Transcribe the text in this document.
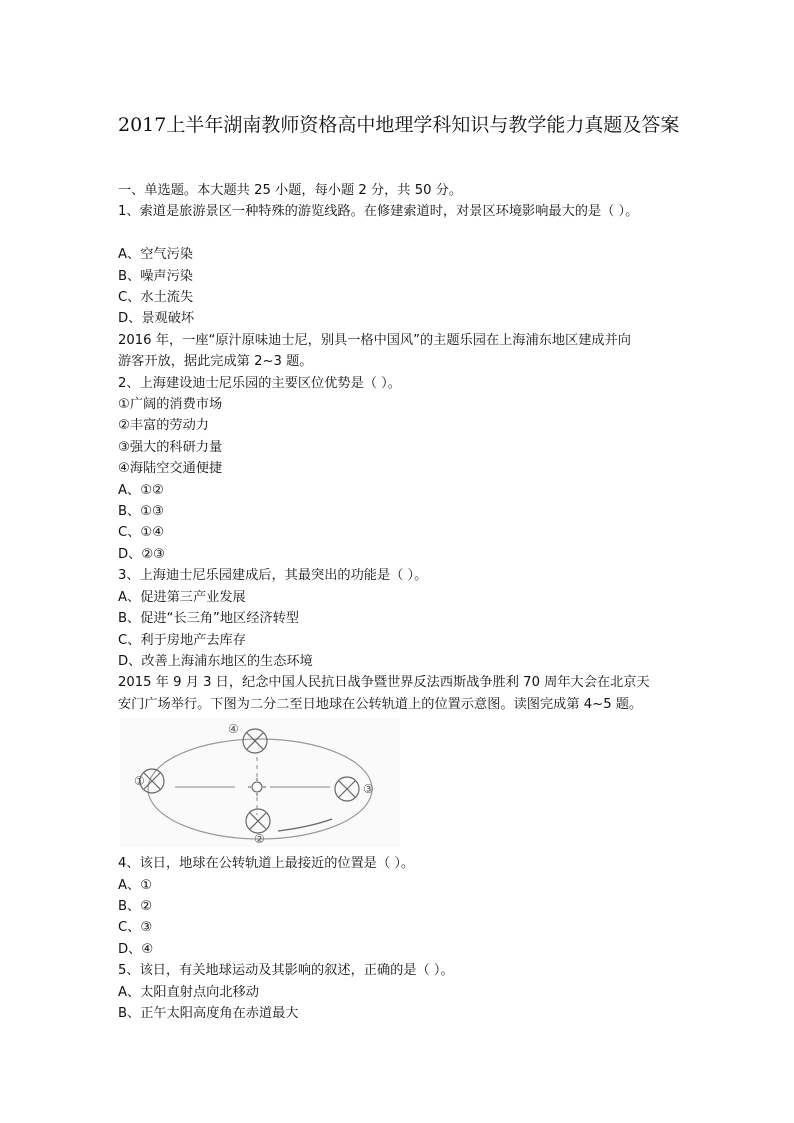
2017上半年湖南教师资格高中地理学科知识与教学能力真题及答案
一、单选题。本大题共 25 小题，每小题 2 分，共 50 分。
1、索道是旅游景区一种特殊的游览线路。在修建索道时，对景区环境影响最大的是（ ）。
A、空气污染
B、噪声污染
C、水土流失
D、景观破坏
2016 年，一座“原汁原味迪士尼，别具一格中国风”的主题乐园在上海浦东地区建成并向
游客开放，据此完成第 2~3 题。
2、上海建设迪士尼乐园的主要区位优势是（ ）。
①广阔的消费市场
②丰富的劳动力
③强大的科研力量
④海陆空交通便捷
A、①②
B、①③
C、①④
D、②③
3、上海迪士尼乐园建成后，其最突出的功能是（ ）。
A、促进第三产业发展
B、促进“长三角”地区经济转型
C、利于房地产去库存
D、改善上海浦东地区的生态环境
2015 年 9 月 3 日，纪念中国人民抗日战争暨世界反法西斯战争胜利 70 周年大会在北京天
安门广场举行。下图为二分二至日地球在公转轨道上的位置示意图。读图完成第 4~5 题。
①
②
③
④
4、该日，地球在公转轨道上最接近的位置是（ ）。
A、①
B、②
C、③
D、④
5、该日，有关地球运动及其影响的叙述，正确的是（ ）。
A、太阳直射点向北移动
B、正午太阳高度角在赤道最大
